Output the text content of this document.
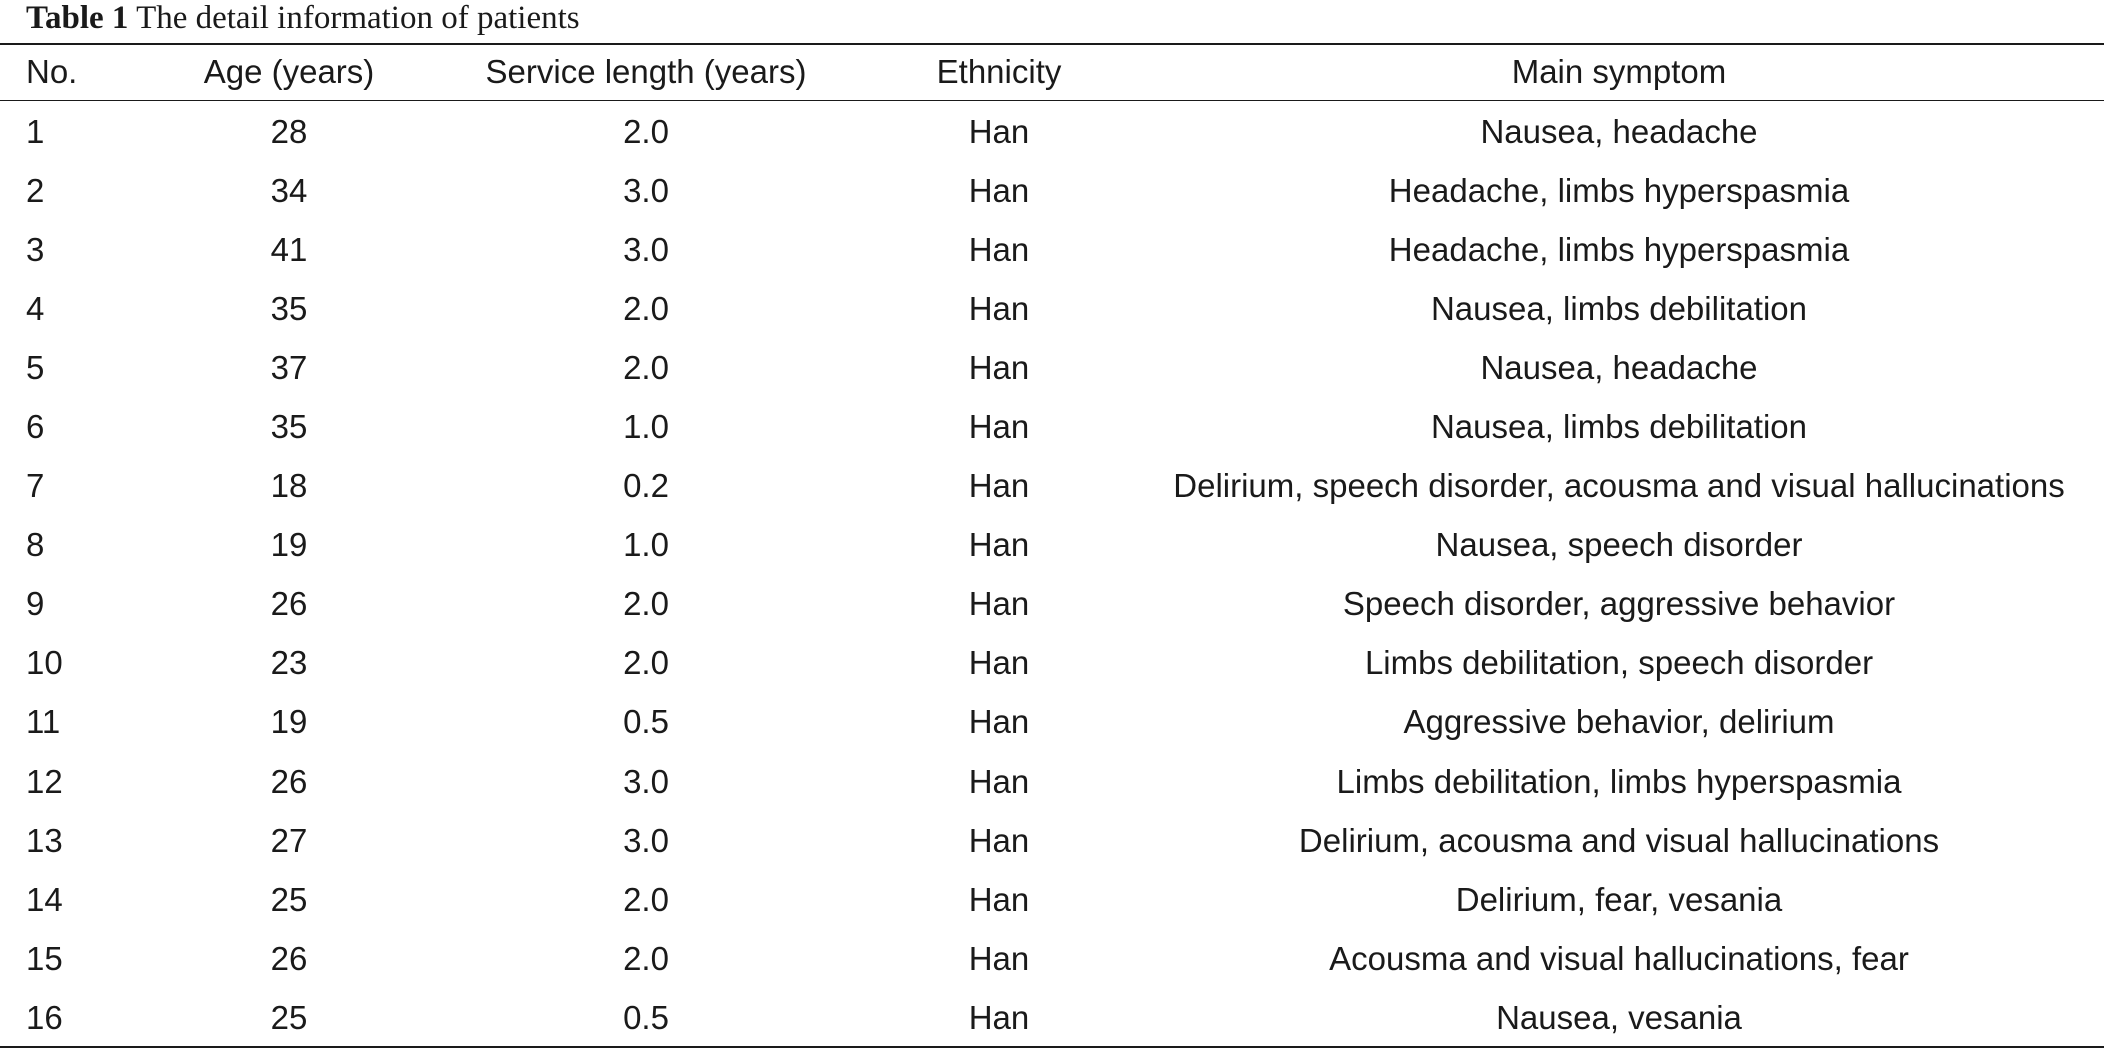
Table 1 The detail information of patients
No.	Age (years)	Service length (years)	Ethnicity	Main symptom
1	28	2.0	Han	Nausea, headache
2	34	3.0	Han	Headache, limbs hyperspasmia
3	41	3.0	Han	Headache, limbs hyperspasmia
4	35	2.0	Han	Nausea, limbs debilitation
5	37	2.0	Han	Nausea, headache
6	35	1.0	Han	Nausea, limbs debilitation
7	18	0.2	Han	Delirium, speech disorder, acousma and visual hallucinations
8	19	1.0	Han	Nausea, speech disorder
9	26	2.0	Han	Speech disorder, aggressive behavior
10	23	2.0	Han	Limbs debilitation, speech disorder
11	19	0.5	Han	Aggressive behavior, delirium
12	26	3.0	Han	Limbs debilitation, limbs hyperspasmia
13	27	3.0	Han	Delirium, acousma and visual hallucinations
14	25	2.0	Han	Delirium, fear, vesania
15	26	2.0	Han	Acousma and visual hallucinations, fear
16	25	0.5	Han	Nausea, vesania
